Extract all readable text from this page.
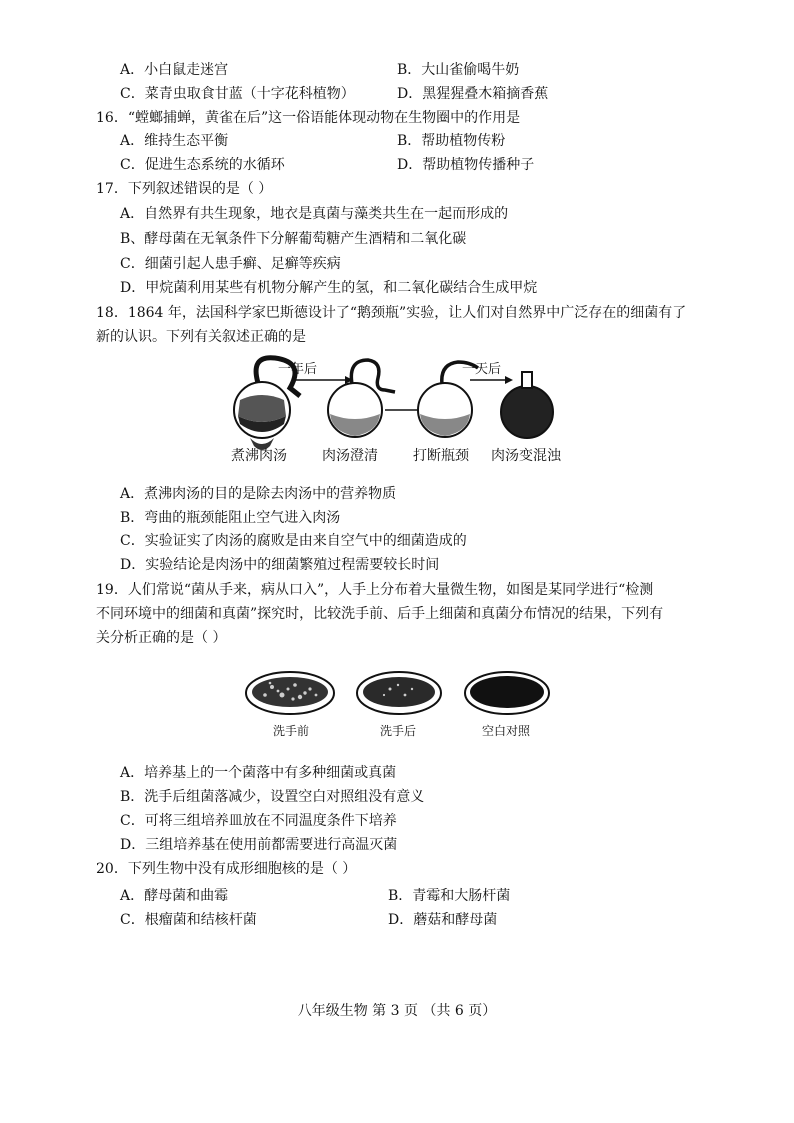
A．小白鼠走迷宫	B．大山雀偷喝牛奶
C．菜青虫取食甘蓝（十字花科植物）	D．黑猩猩叠木箱摘香蕉
16．“螳螂捕蝉，黄雀在后”这一俗语能体现动物在生物圈中的作用是
A．维持生态平衡	B．帮助植物传粉
C．促进生态系统的水循环	D．帮助植物传播种子
17．下列叙述错误的是（ ）
A．自然界有共生现象，地衣是真菌与藻类共生在一起而形成的
B、酵母菌在无氧条件下分解葡萄糖产生酒精和二氧化碳
C．细菌引起人患手癣、足癣等疾病
D．甲烷菌利用某些有机物分解产生的氢，和二氧化碳结合生成甲烷
18．1864 年，法国科学家巴斯德设计了“鹅颈瓶”实验，让人们对自然界中广泛存在的细菌有了
新的认识。下列有关叙述正确的是
一年后	一天后
煮沸肉汤	肉汤澄清	打断瓶颈 肉汤变混浊
A．煮沸肉汤的目的是除去肉汤中的营养物质
B．弯曲的瓶颈能阻止空气进入肉汤
C．实验证实了肉汤的腐败是由来自空气中的细菌造成的
D．实验结论是肉汤中的细菌繁殖过程需要较长时间
19．人们常说“菌从手来，病从口入”，人手上分布着大量微生物，如图是某同学进行“检测
不同环境中的细菌和真菌”探究时，比较洗手前、后手上细菌和真菌分布情况的结果，下列有
关分析正确的是（ ）
洗手前	洗手后	空白对照
A．培养基上的一个菌落中有多种细菌或真菌
B．洗手后组菌落减少，设置空白对照组没有意义
C．可将三组培养皿放在不同温度条件下培养
D．三组培养基在使用前都需要进行高温灭菌
20．下列生物中没有成形细胞核的是（ ）
A．酵母菌和曲霉	B．青霉和大肠杆菌
C．根瘤菌和结核杆菌	D．蘑菇和酵母菌
八年级生物 第 3 页 （共 6 页）
